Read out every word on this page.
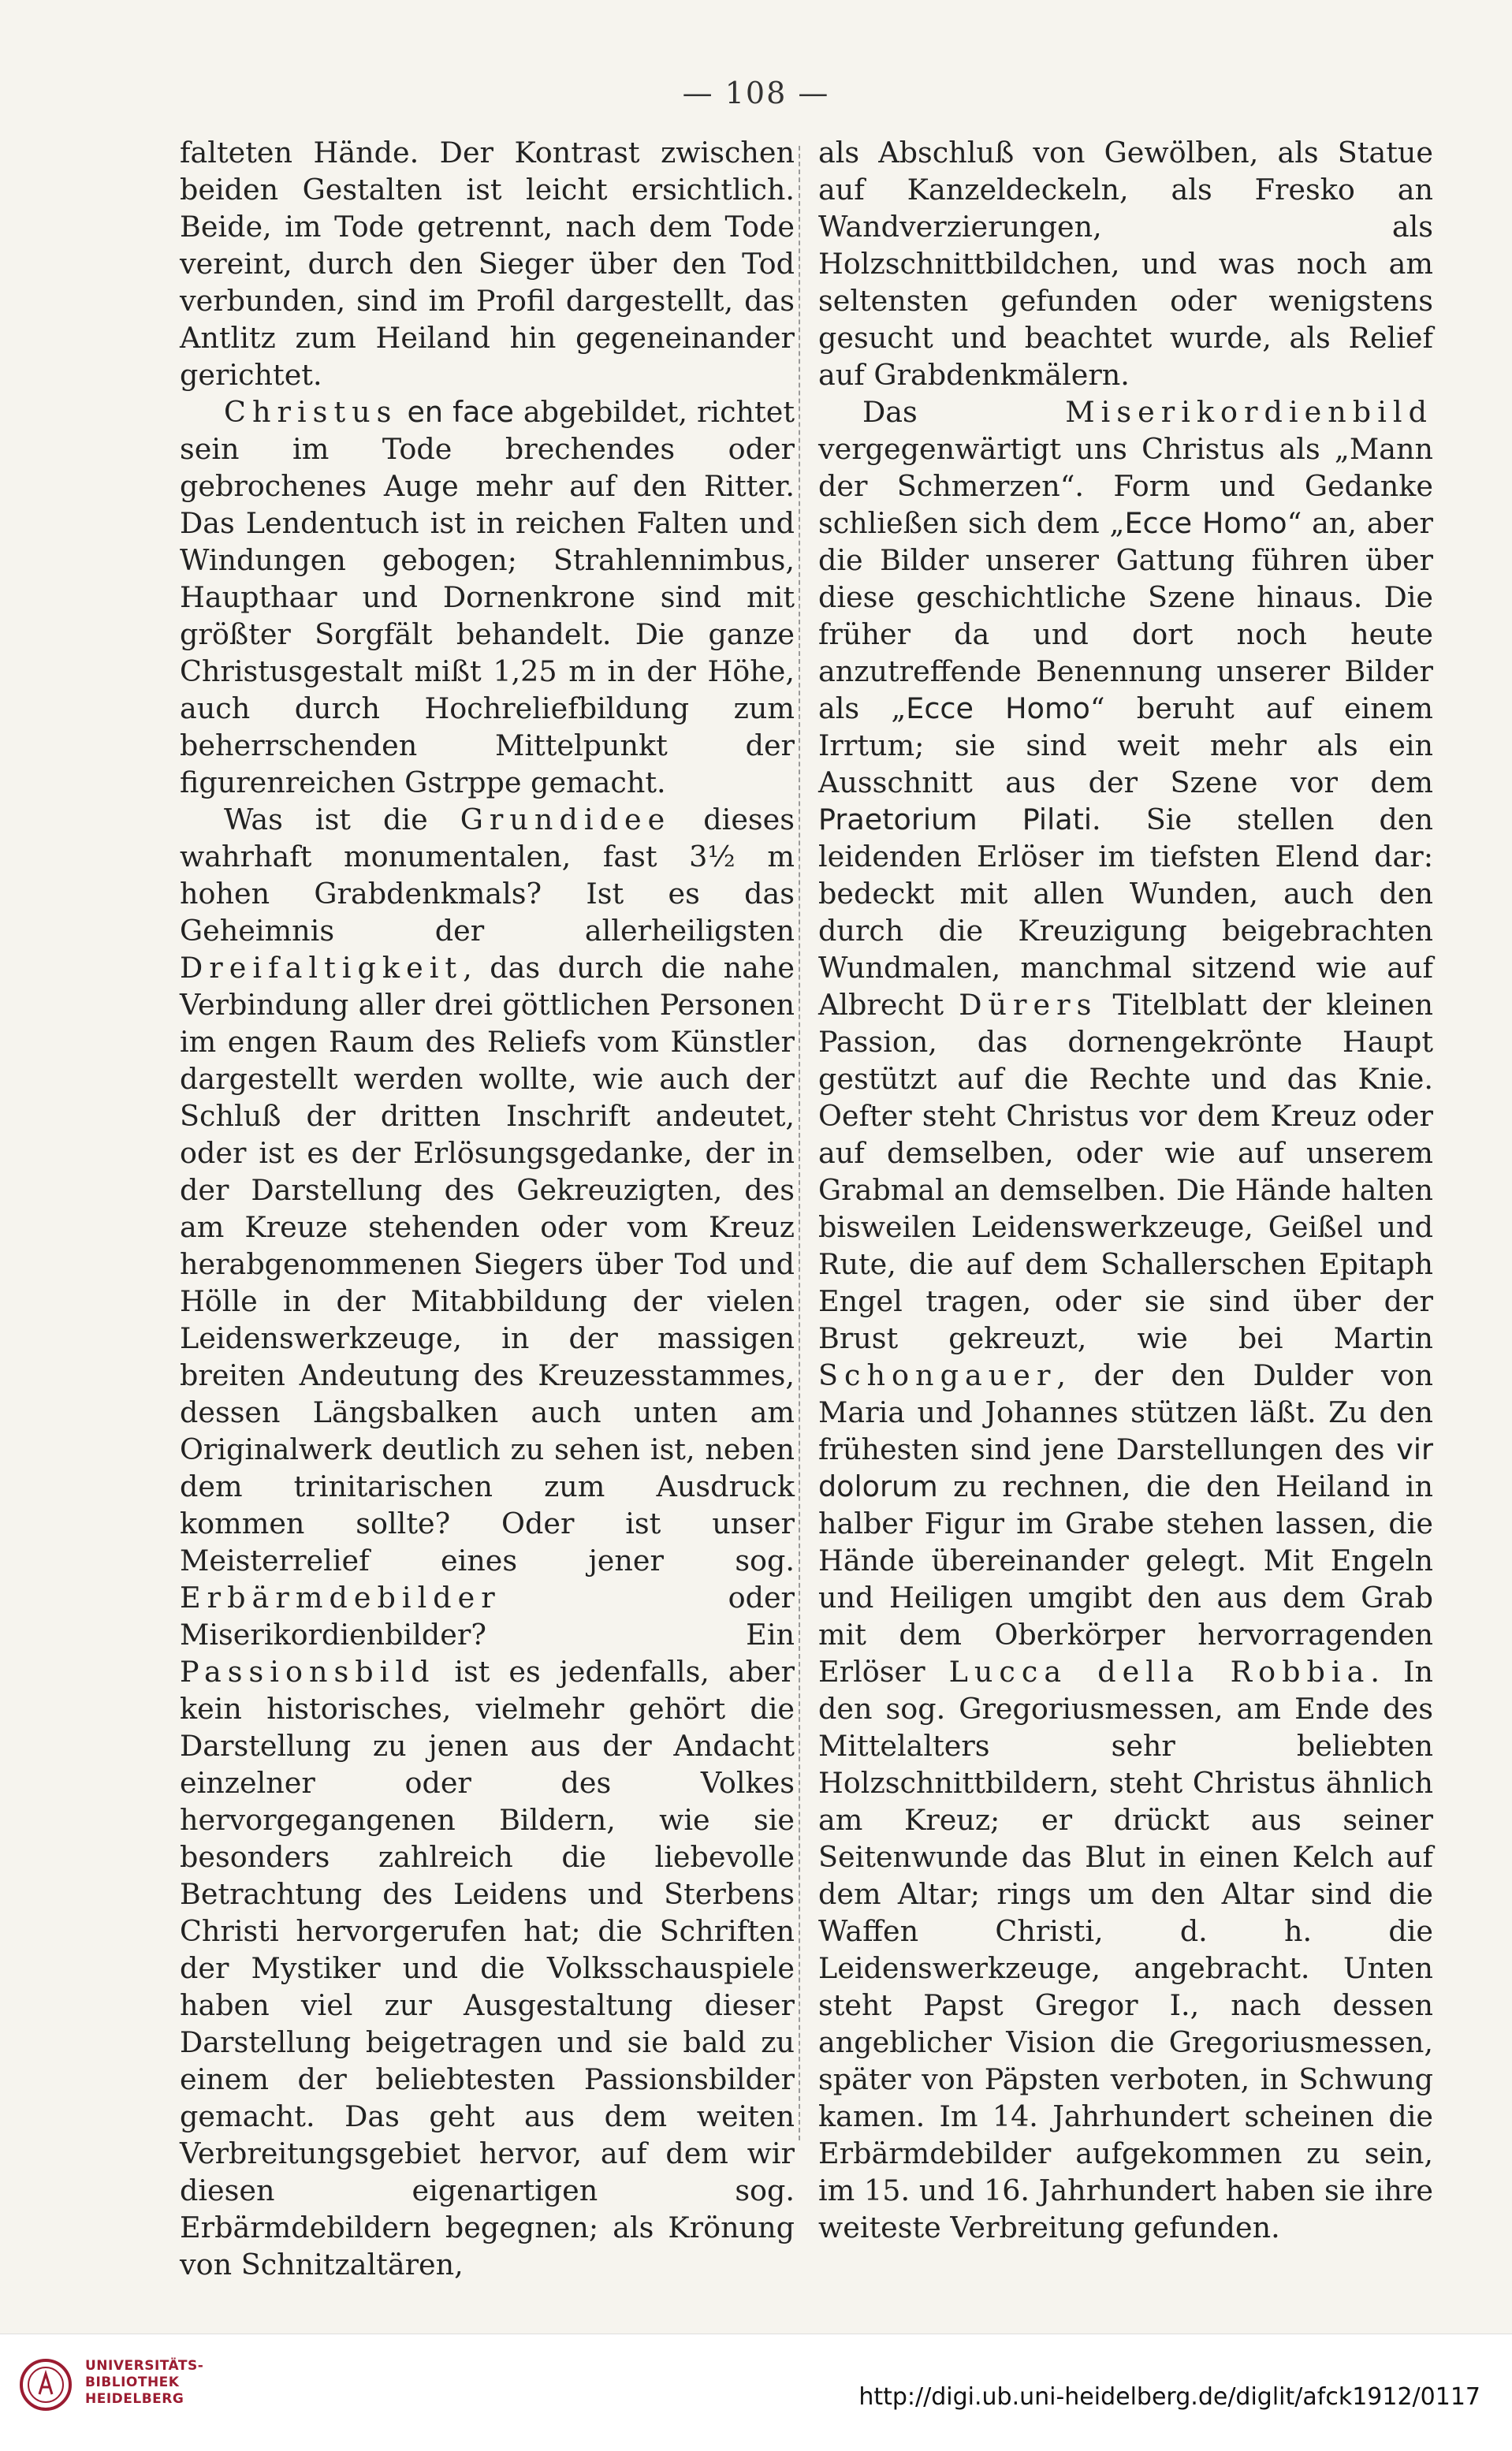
— 108 —

falteten Hände. Der Kontrast zwischen beiden Gestalten ist leicht ersichtlich. Beide, im Tode getrennt, nach dem Tode vereint, durch den Sieger über den Tod verbunden, sind im Profil dargestellt, das Antlitz zum Heiland hin gegeneinander gerichtet.

Christus en face abgebildet, richtet sein im Tode brechendes oder gebrochenes Auge mehr auf den Ritter. Das Lendentuch ist in reichen Falten und Windungen gebogen; Strahlennimbus, Haupthaar und Dornenkrone sind mit größter Sorgfält behandelt. Die ganze Christusgestalt mißt 1,25 m in der Höhe, auch durch Hochreliefbildung zum beherrschenden Mittelpunkt der figurenreichen Gstrppe gemacht.

Was ist die Grundidee dieses wahrhaft monumentalen, fast 3½ m hohen Grabdenkmals? Ist es das Geheimnis der allerheiligsten Dreifaltigkeit, das durch die nahe Verbindung aller drei göttlichen Personen im engen Raum des Reliefs vom Künstler dargestellt werden wollte, wie auch der Schluß der dritten Inschrift andeutet, oder ist es der Erlösungsgedanke, der in der Darstellung des Gekreuzigten, des am Kreuze stehenden oder vom Kreuz herabgenommenen Siegers über Tod und Hölle in der Mitabbildung der vielen Leidenswerkzeuge, in der massigen breiten Andeutung des Kreuzesstammes, dessen Längsbalken auch unten am Originalwerk deutlich zu sehen ist, neben dem trinitarischen zum Ausdruck kommen sollte? Oder ist unser Meisterrelief eines jener sog. Erbärmdebilder oder Miserikordienbilder? Ein Passionsbild ist es jedenfalls, aber kein historisches, vielmehr gehört die Darstellung zu jenen aus der Andacht einzelner oder des Volkes hervorgegangenen Bildern, wie sie besonders zahlreich die liebevolle Betrachtung des Leidens und Sterbens Christi hervorgerufen hat; die Schriften der Mystiker und die Volksschauspiele haben viel zur Ausgestaltung dieser Darstellung beigetragen und sie bald zu einem der beliebtesten Passionsbilder gemacht. Das geht aus dem weiten Verbreitungsgebiet hervor, auf dem wir diesen eigenartigen sog. Erbärmdebildern begegnen; als Krönung von Schnitzaltären,

als Abschluß von Gewölben, als Statue auf Kanzeldeckeln, als Fresko an Wandverzierungen, als Holzschnittbildchen, und was noch am seltensten gefunden oder wenigstens gesucht und beachtet wurde, als Relief auf Grabdenkmälern.

Das Miserikordienbild vergegenwärtigt uns Christus als „Mann der Schmerzen“. Form und Gedanke schließen sich dem „Ecce Homo“ an, aber die Bilder unserer Gattung führen über diese geschichtliche Szene hinaus. Die früher da und dort noch heute anzutreffende Benennung unserer Bilder als „Ecce Homo“ beruht auf einem Irrtum; sie sind weit mehr als ein Ausschnitt aus der Szene vor dem Praetorium Pilati. Sie stellen den leidenden Erlöser im tiefsten Elend dar: bedeckt mit allen Wunden, auch den durch die Kreuzigung beigebrachten Wundmalen, manchmal sitzend wie auf Albrecht Dürers Titelblatt der kleinen Passion, das dornengekrönte Haupt gestützt auf die Rechte und das Knie. Oefter steht Christus vor dem Kreuz oder auf demselben, oder wie auf unserem Grabmal an demselben. Die Hände halten bisweilen Leidenswerkzeuge, Geißel und Rute, die auf dem Schallerschen Epitaph Engel tragen, oder sie sind über der Brust gekreuzt, wie bei Martin Schongauer, der den Dulder von Maria und Johannes stützen läßt. Zu den frühesten sind jene Darstellungen des vir dolorum zu rechnen, die den Heiland in halber Figur im Grabe stehen lassen, die Hände übereinander gelegt. Mit Engeln und Heiligen umgibt den aus dem Grab mit dem Oberkörper hervorragenden Erlöser Lucca della Robbia. In den sog. Gregoriusmessen, am Ende des Mittelalters sehr beliebten Holzschnittbildern, steht Christus ähnlich am Kreuz; er drückt aus seiner Seitenwunde das Blut in einen Kelch auf dem Altar; rings um den Altar sind die Waffen Christi, d. h. die Leidenswerkzeuge, angebracht. Unten steht Papst Gregor I., nach dessen angeblicher Vision die Gregoriusmessen, später von Päpsten verboten, in Schwung kamen. Im 14. Jahrhundert scheinen die Erbärmdebilder aufgekommen zu sein, im 15. und 16. Jahrhundert haben sie ihre weiteste Verbreitung gefunden.

UNIVERSITÄTS-
BIBLIOTHEK
HEIDELBERG	http://digi.ub.uni-heidelberg.de/diglit/afck1912/0117
